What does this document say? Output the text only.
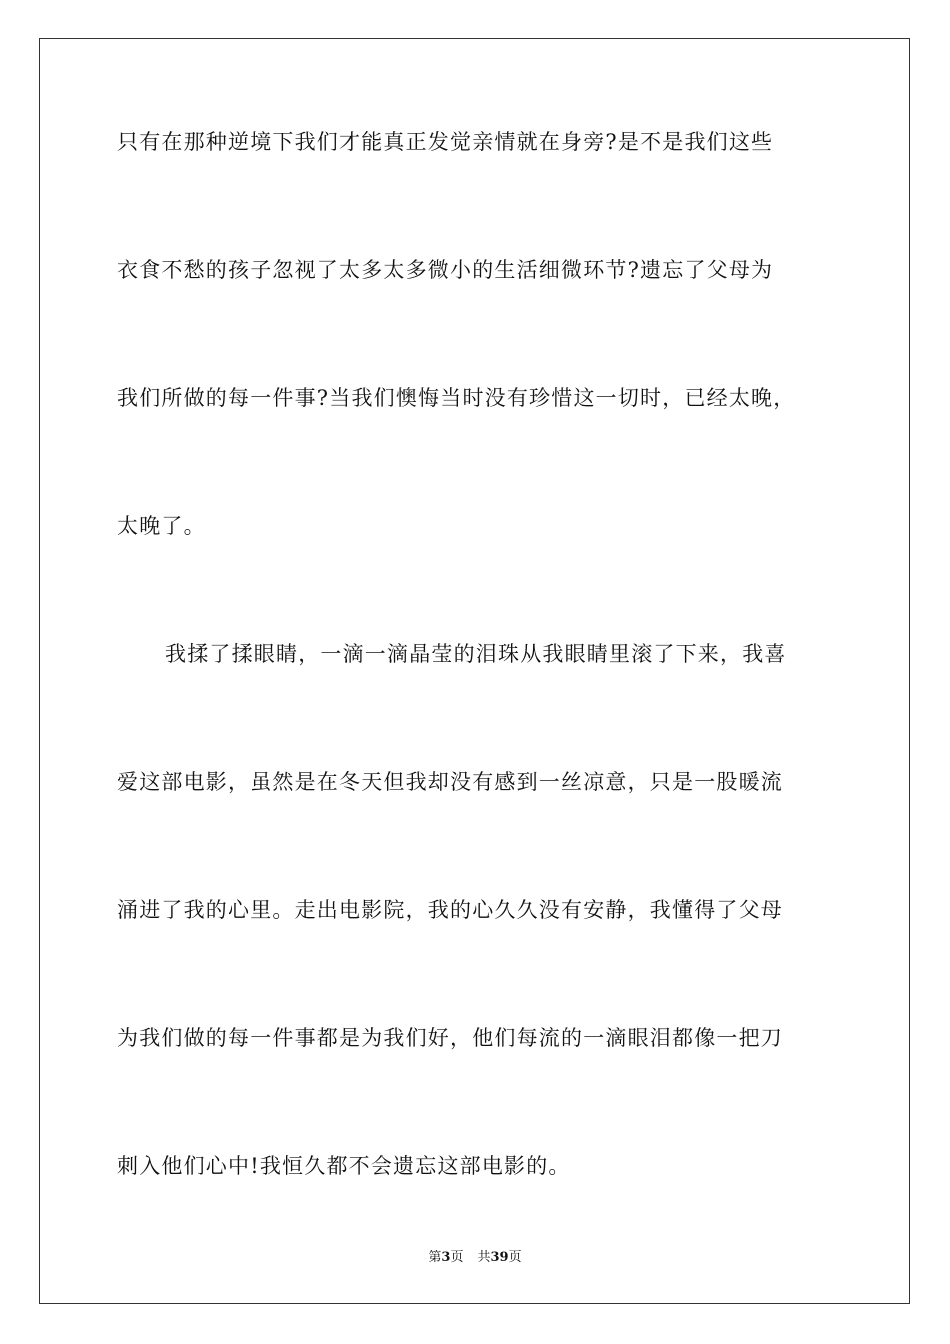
只有在那种逆境下我们才能真正发觉亲情就在身旁?是不是我们这些
衣食不愁的孩子忽视了太多太多微小的生活细微环节?遗忘了父母为
我们所做的每一件事?当我们懊悔当时没有珍惜这一切时，已经太晚，
太晚了。
我揉了揉眼睛，一滴一滴晶莹的泪珠从我眼睛里滚了下来，我喜
爱这部电影，虽然是在冬天但我却没有感到一丝凉意，只是一股暖流
涌进了我的心里。走出电影院，我的心久久没有安静，我懂得了父母
为我们做的每一件事都是为我们好，他们每流的一滴眼泪都像一把刀
刺入他们心中!我恒久都不会遗忘这部电影的。
第3页 共39页
